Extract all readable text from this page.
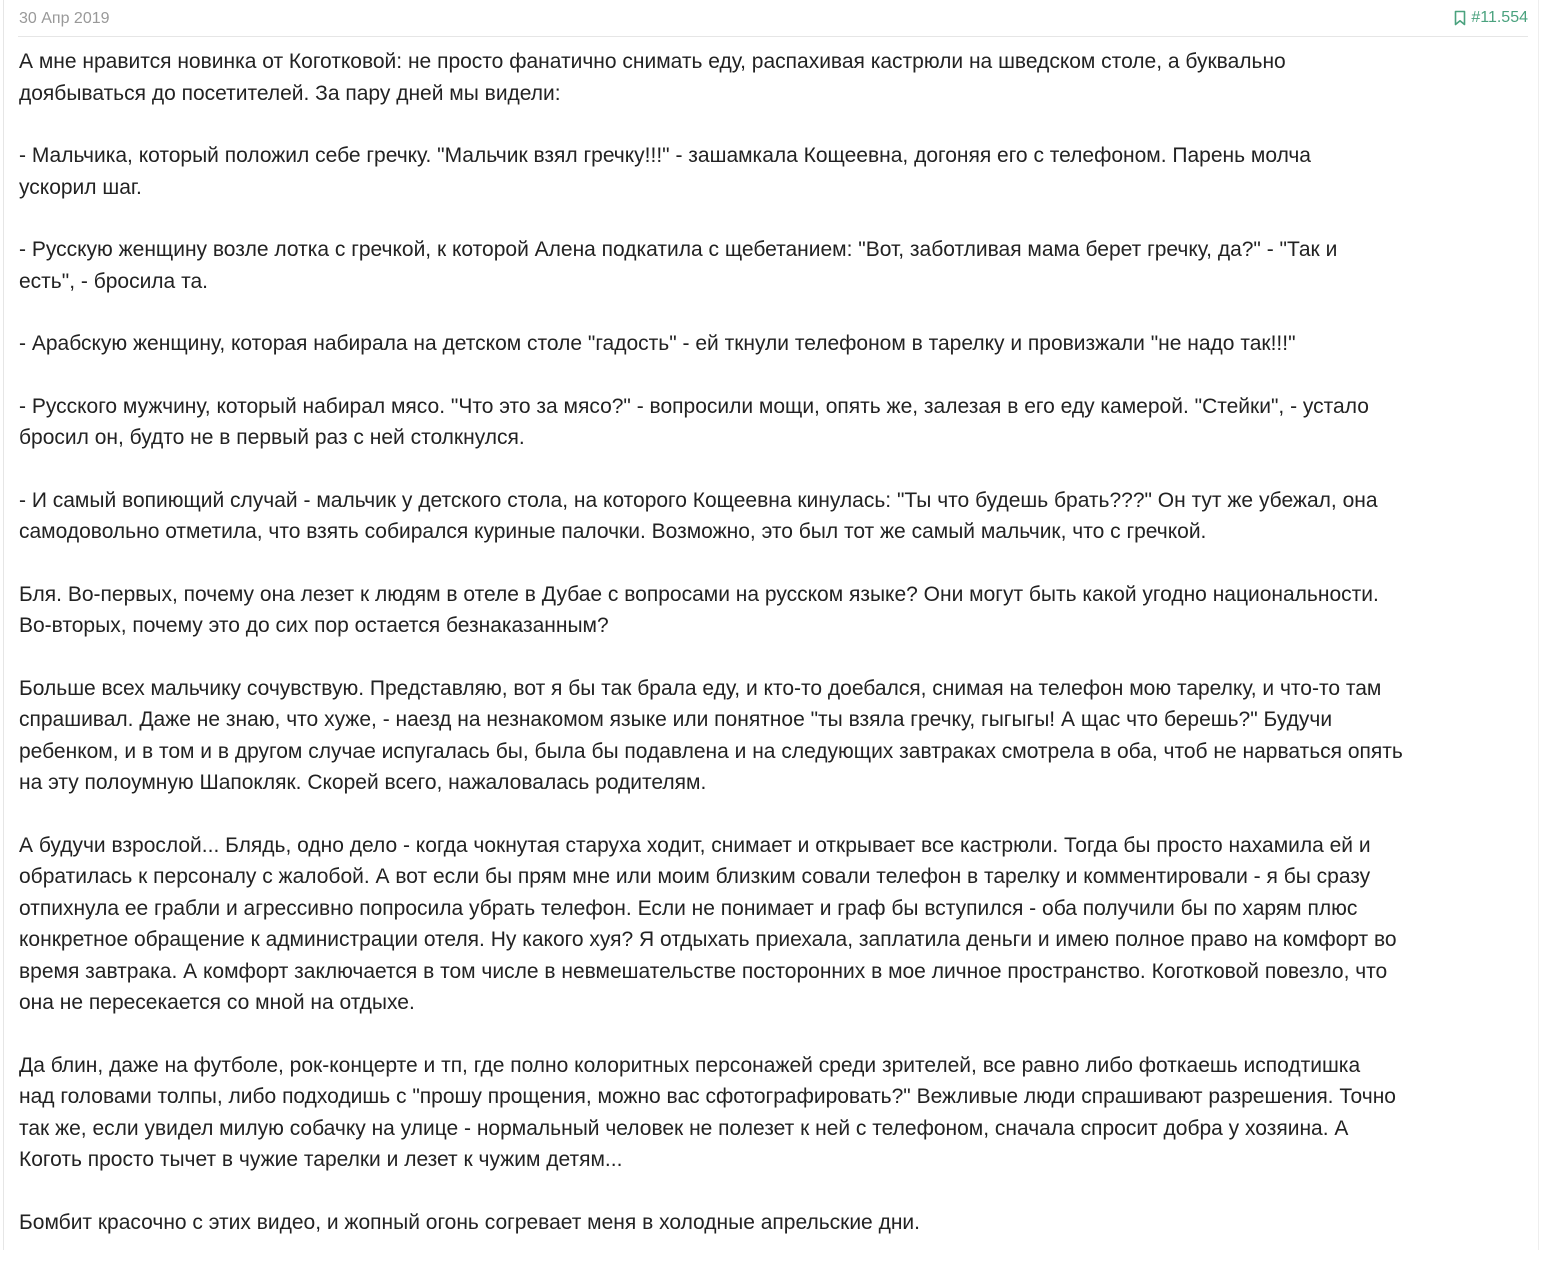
30 Апр 2019	#11.554

А мне нравится новинка от Коготковой: не просто фанатично снимать еду, распахивая кастрюли на шведском столе, а буквально
доябываться до посетителей. За пару дней мы видели:

- Мальчика, который положил себе гречку. "Мальчик взял гречку!!!" - зашамкала Кощеевна, догоняя его с телефоном. Парень молча
ускорил шаг.

- Русскую женщину возле лотка с гречкой, к которой Алена подкатила с щебетанием: "Вот, заботливая мама берет гречку, да?" - "Так и
есть", - бросила та.

- Арабскую женщину, которая набирала на детском столе "гадость" - ей ткнули телефоном в тарелку и провизжали "не надо так!!!"

- Русского мужчину, который набирал мясо. "Что это за мясо?" - вопросили мощи, опять же, залезая в его еду камерой. "Стейки", - устало
бросил он, будто не в первый раз с ней столкнулся.

- И самый вопиющий случай - мальчик у детского стола, на которого Кощеевна кинулась: "Ты что будешь брать???" Он тут же убежал, она
самодовольно отметила, что взять собирался куриные палочки. Возможно, это был тот же самый мальчик, что с гречкой.

Бля. Во-первых, почему она лезет к людям в отеле в Дубае с вопросами на русском языке? Они могут быть какой угодно национальности.
Во-вторых, почему это до сих пор остается безнаказанным?

Больше всех мальчику сочувствую. Представляю, вот я бы так брала еду, и кто-то доебался, снимая на телефон мою тарелку, и что-то там
спрашивал. Даже не знаю, что хуже, - наезд на незнакомом языке или понятное "ты взяла гречку, гыгыгы! А щас что берешь?" Будучи
ребенком, и в том и в другом случае испугалась бы, была бы подавлена и на следующих завтраках смотрела в оба, чтоб не нарваться опять
на эту полоумную Шапокляк. Скорей всего, нажаловалась родителям.

А будучи взрослой... Блядь, одно дело - когда чокнутая старуха ходит, снимает и открывает все кастрюли. Тогда бы просто нахамила ей и
обратилась к персоналу с жалобой. А вот если бы прям мне или моим близким совали телефон в тарелку и комментировали - я бы сразу
отпихнула ее грабли и агрессивно попросила убрать телефон. Если не понимает и граф бы вступился - оба получили бы по харям плюс
конкретное обращение к администрации отеля. Ну какого хуя? Я отдыхать приехала, заплатила деньги и имею полное право на комфорт во
время завтрака. А комфорт заключается в том числе в невмешательстве посторонних в мое личное пространство. Коготковой повезло, что
она не пересекается со мной на отдыхе.

Да блин, даже на футболе, рок-концерте и тп, где полно колоритных персонажей среди зрителей, все равно либо фоткаешь исподтишка
над головами толпы, либо подходишь с "прошу прощения, можно вас сфотографировать?" Вежливые люди спрашивают разрешения. Точно
так же, если увидел милую собачку на улице - нормальный человек не полезет к ней с телефоном, сначала спросит добра у хозяина. А
Коготь просто тычет в чужие тарелки и лезет к чужим детям...

Бомбит красочно с этих видео, и жопный огонь согревает меня в холодные апрельские дни.
